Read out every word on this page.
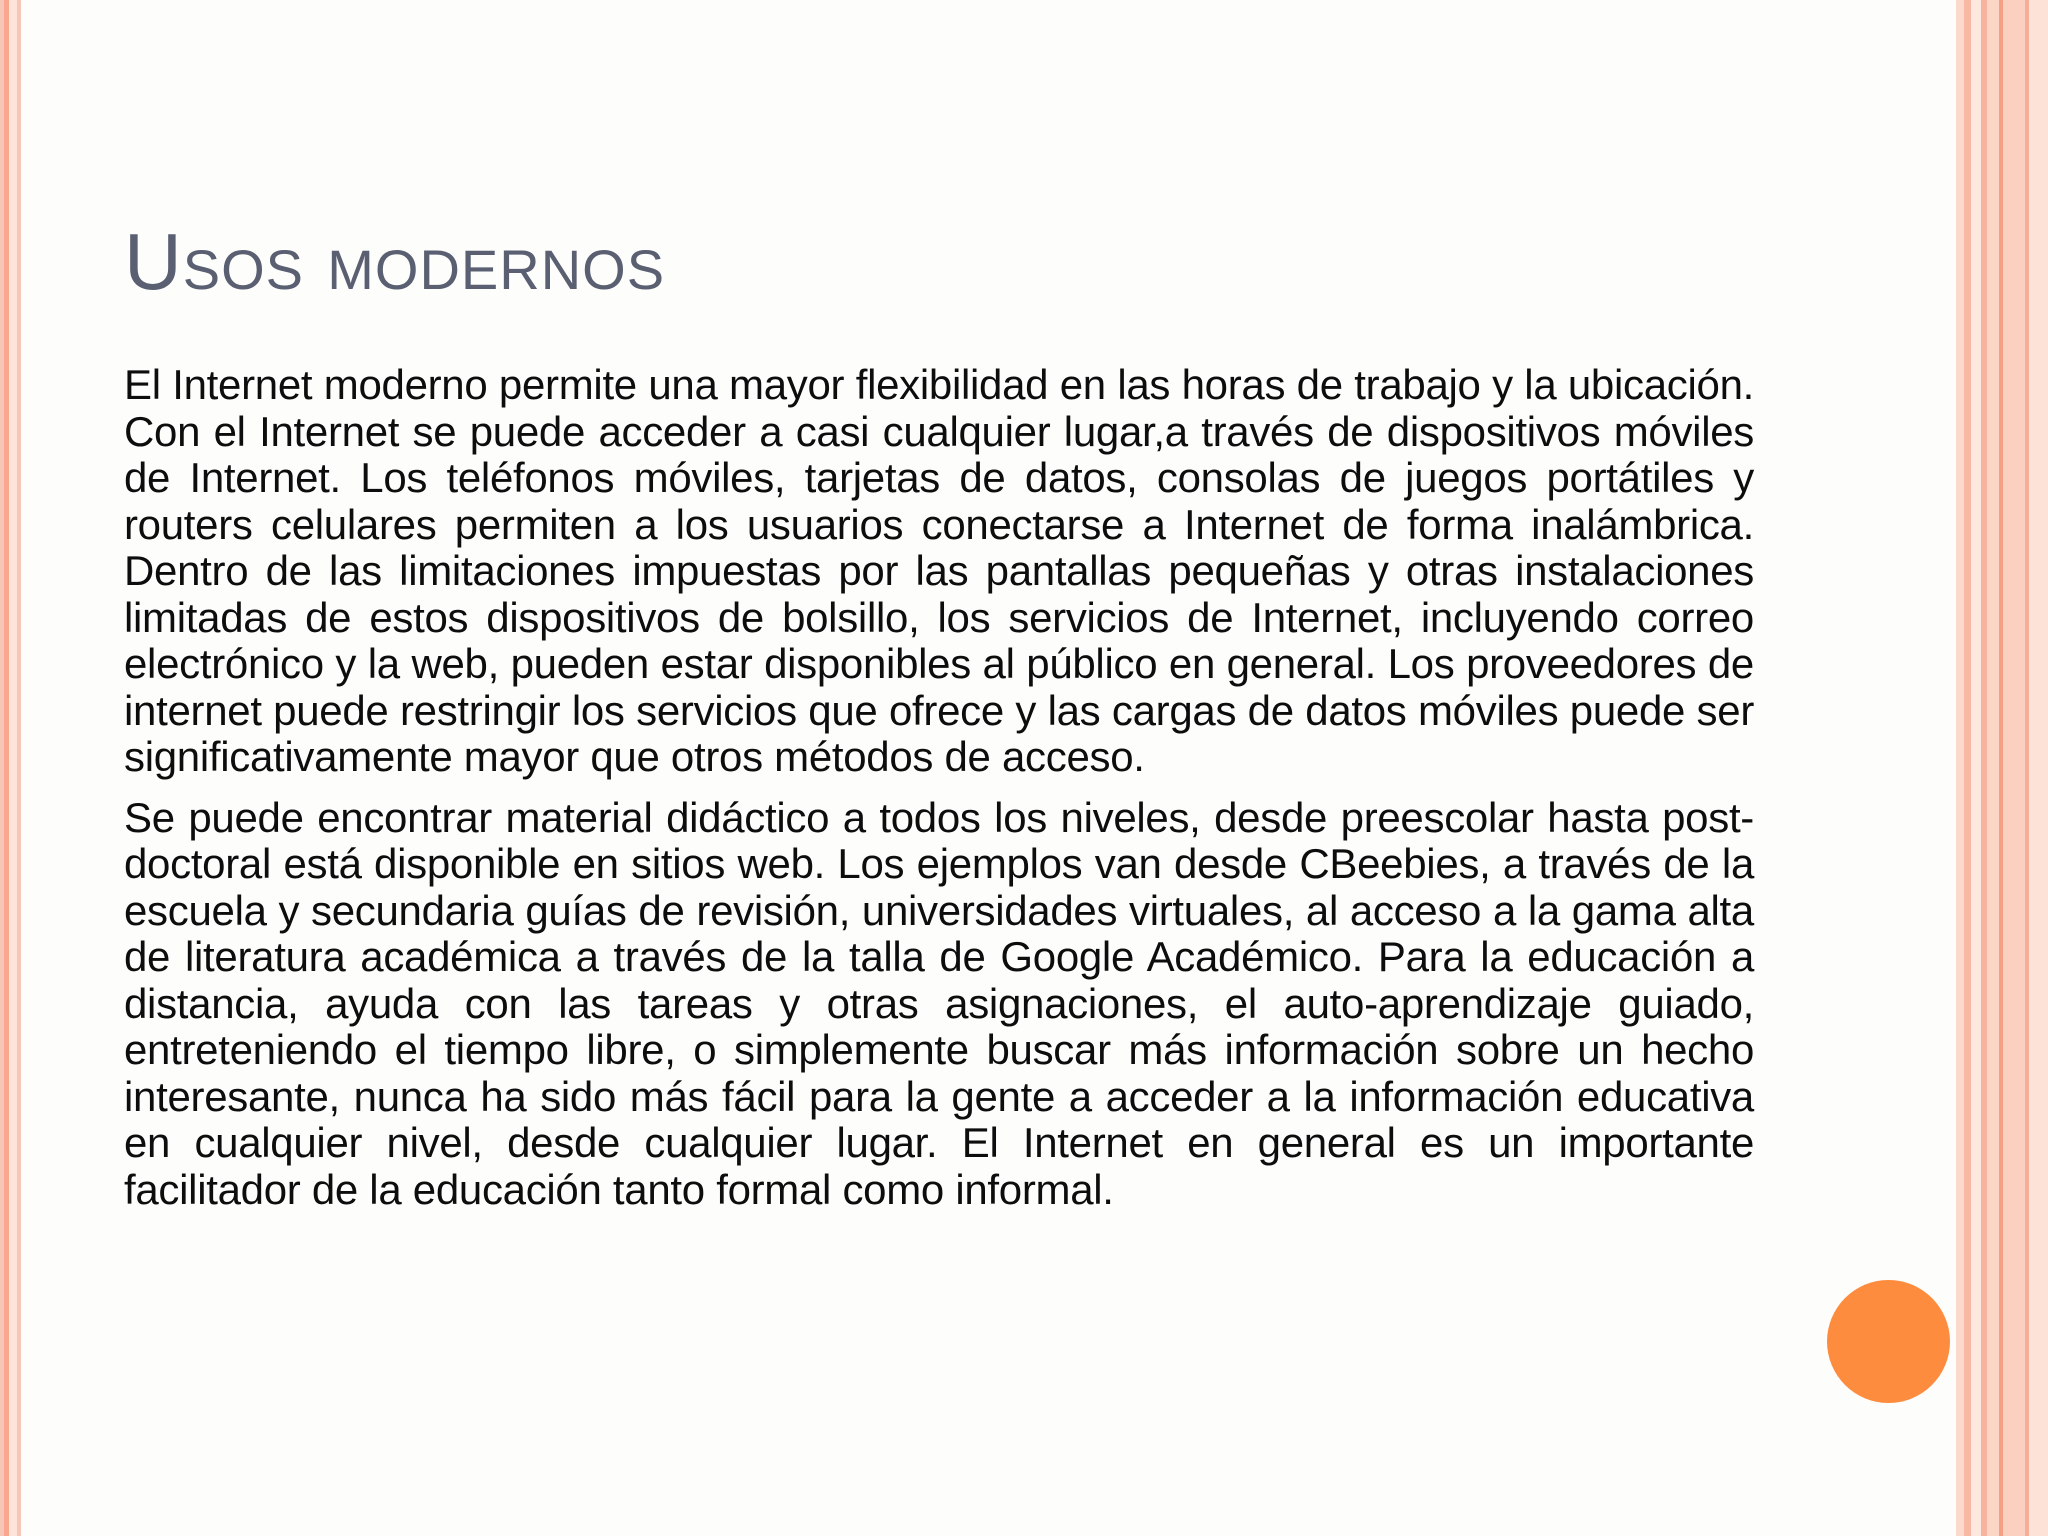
Usos modernos

El Internet moderno permite una mayor flexibilidad en las horas de trabajo y la ubicación. Con el Internet se puede acceder a casi cualquier lugar,a través de dispositivos móviles de Internet. Los teléfonos móviles, tarjetas de datos, consolas de juegos portátiles y routers celulares permiten a los usuarios conectarse a Internet de forma inalámbrica. Dentro de las limitaciones impuestas por las pantallas pequeñas y otras instalaciones limitadas de estos dispositivos de bolsillo, los servicios de Internet, incluyendo correo electrónico y la web, pueden estar disponibles al público en general. Los proveedores de internet puede restringir los servicios que ofrece y las cargas de datos móviles puede ser significativamente mayor que otros métodos de acceso.

Se puede encontrar material didáctico a todos los niveles, desde preescolar hasta post-doctoral está disponible en sitios web. Los ejemplos van desde CBeebies, a través de la escuela y secundaria guías de revisión, universidades virtuales, al acceso a la gama alta de literatura académica a través de la talla de Google Académico. Para la educación a distancia, ayuda con las tareas y otras asignaciones, el auto-aprendizaje guiado, entreteniendo el tiempo libre, o simplemente buscar más información sobre un hecho interesante, nunca ha sido más fácil para la gente a acceder a la información educativa en cualquier nivel, desde cualquier lugar. El Internet en general es un importante facilitador de la educación tanto formal como informal.
